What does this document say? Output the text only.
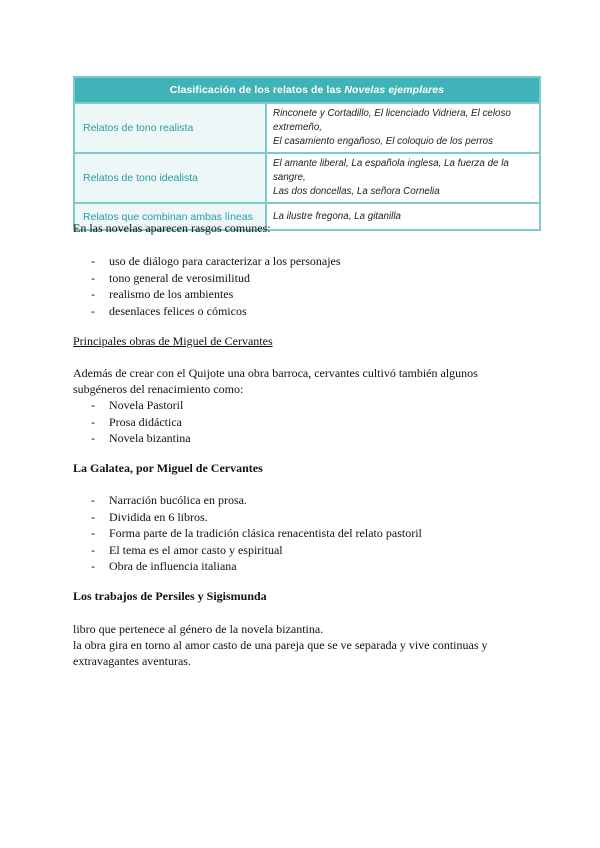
Clasificación de los relatos de las Novelas ejemplares	
Relatos de tono realista	Rinconete y Cortadillo, El licenciado Vidriera, El celoso extremeño,
El casamiento engañoso, El coloquio de los perros
Relatos de tono idealista	El amante liberal, La española inglesa, La fuerza de la sangre,
Las dos doncellas, La señora Cornelia
Relatos que combinan ambas líneas	La ilustre fregona, La gitanilla
En las novelas aparecen rasgos comunes:
- uso de diálogo para caracterizar a los personajes
- tono general de verosimilitud
- realismo de los ambientes
- desenlaces felices o cómicos
Principales obras de Miguel de Cervantes
Además de crear con el Quijote una obra barroca, cervantes cultivó también algunos
subgéneros del renacimiento como:
- Novela Pastoril
- Prosa didáctica
- Novela bizantina
La Galatea, por Miguel de Cervantes
- Narración bucólica en prosa.
- Dividida en 6 libros.
- Forma parte de la tradición clásica renacentista del relato pastoril
- El tema es el amor casto y espiritual
- Obra de influencia italiana
Los trabajos de Persiles y Sigismunda
libro que pertenece al género de la novela bizantina.
la obra gira en torno al amor casto de una pareja que se ve separada y vive continuas y
extravagantes aventuras.
